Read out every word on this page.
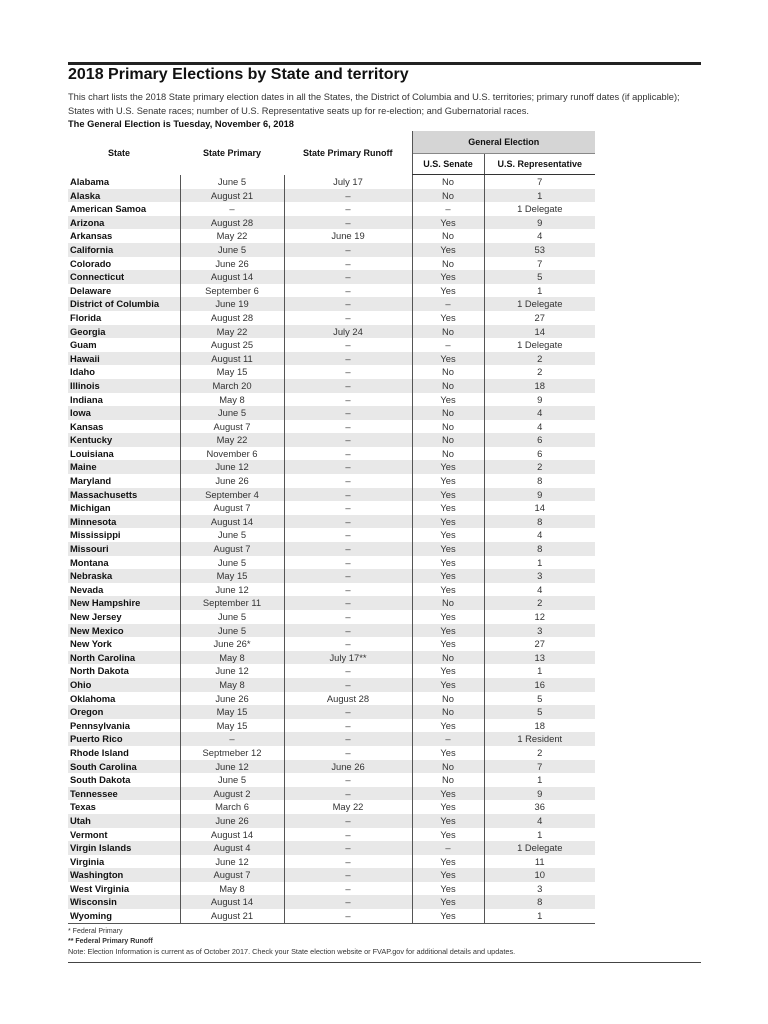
2018 Primary Elections by State and territory
This chart lists the 2018 State primary election dates in all the States, the District of Columbia and U.S. territories; primary runoff dates (if applicable); States with U.S. Senate races; number of U.S. Representative seats up for re-election; and Gubernatorial races.
The General Election is Tuesday, November 6, 2018
State	State Primary	State Primary Runoff	General Election	
			U.S. Senate	U.S. Representative
Alabama	June 5	July 17	No	7
Alaska	August 21	–	No	1
American Samoa	–	–	–	1 Delegate
Arizona	August 28	–	Yes	9
Arkansas	May 22	June 19	No	4
California	June 5	–	Yes	53
Colorado	June 26	–	No	7
Connecticut	August 14	–	Yes	5
Delaware	September 6	–	Yes	1
District of Columbia	June 19	–	–	1 Delegate
Florida	August 28	–	Yes	27
Georgia	May 22	July 24	No	14
Guam	August 25	–	–	1 Delegate
Hawaii	August 11	–	Yes	2
Idaho	May 15	–	No	2
Illinois	March 20	–	No	18
Indiana	May 8	–	Yes	9
Iowa	June 5	–	No	4
Kansas	August 7	–	No	4
Kentucky	May 22	–	No	6
Louisiana	November 6	–	No	6
Maine	June 12	–	Yes	2
Maryland	June 26	–	Yes	8
Massachusetts	September 4	–	Yes	9
Michigan	August 7	–	Yes	14
Minnesota	August 14	–	Yes	8
Mississippi	June 5	–	Yes	4
Missouri	August 7	–	Yes	8
Montana	June 5	–	Yes	1
Nebraska	May 15	–	Yes	3
Nevada	June 12	–	Yes	4
New Hampshire	September 11	–	No	2
New Jersey	June 5	–	Yes	12
New Mexico	June 5	–	Yes	3
New York	June 26*	–	Yes	27
North Carolina	May 8	July 17**	No	13
North Dakota	June 12	–	Yes	1
Ohio	May 8	–	Yes	16
Oklahoma	June 26	August 28	No	5
Oregon	May 15	–	No	5
Pennsylvania	May 15	–	Yes	18
Puerto Rico	–	–	–	1 Resident
Rhode Island	Septmeber 12	–	Yes	2
South Carolina	June 12	June 26	No	7
South Dakota	June 5	–	No	1
Tennessee	August 2	–	Yes	9
Texas	March 6	May 22	Yes	36
Utah	June 26	–	Yes	4
Vermont	August 14	–	Yes	1
Virgin Islands	August 4	–	–	1 Delegate
Virginia	June 12	–	Yes	11
Washington	August 7	–	Yes	10
West Virginia	May 8	–	Yes	3
Wisconsin	August 14	–	Yes	8
Wyoming	August 21	–	Yes	1
* Federal Primary
** Federal Primary Runoff
Note: Election Information is current as of October 2017. Check your State election website or FVAP.gov for additional details and updates.
